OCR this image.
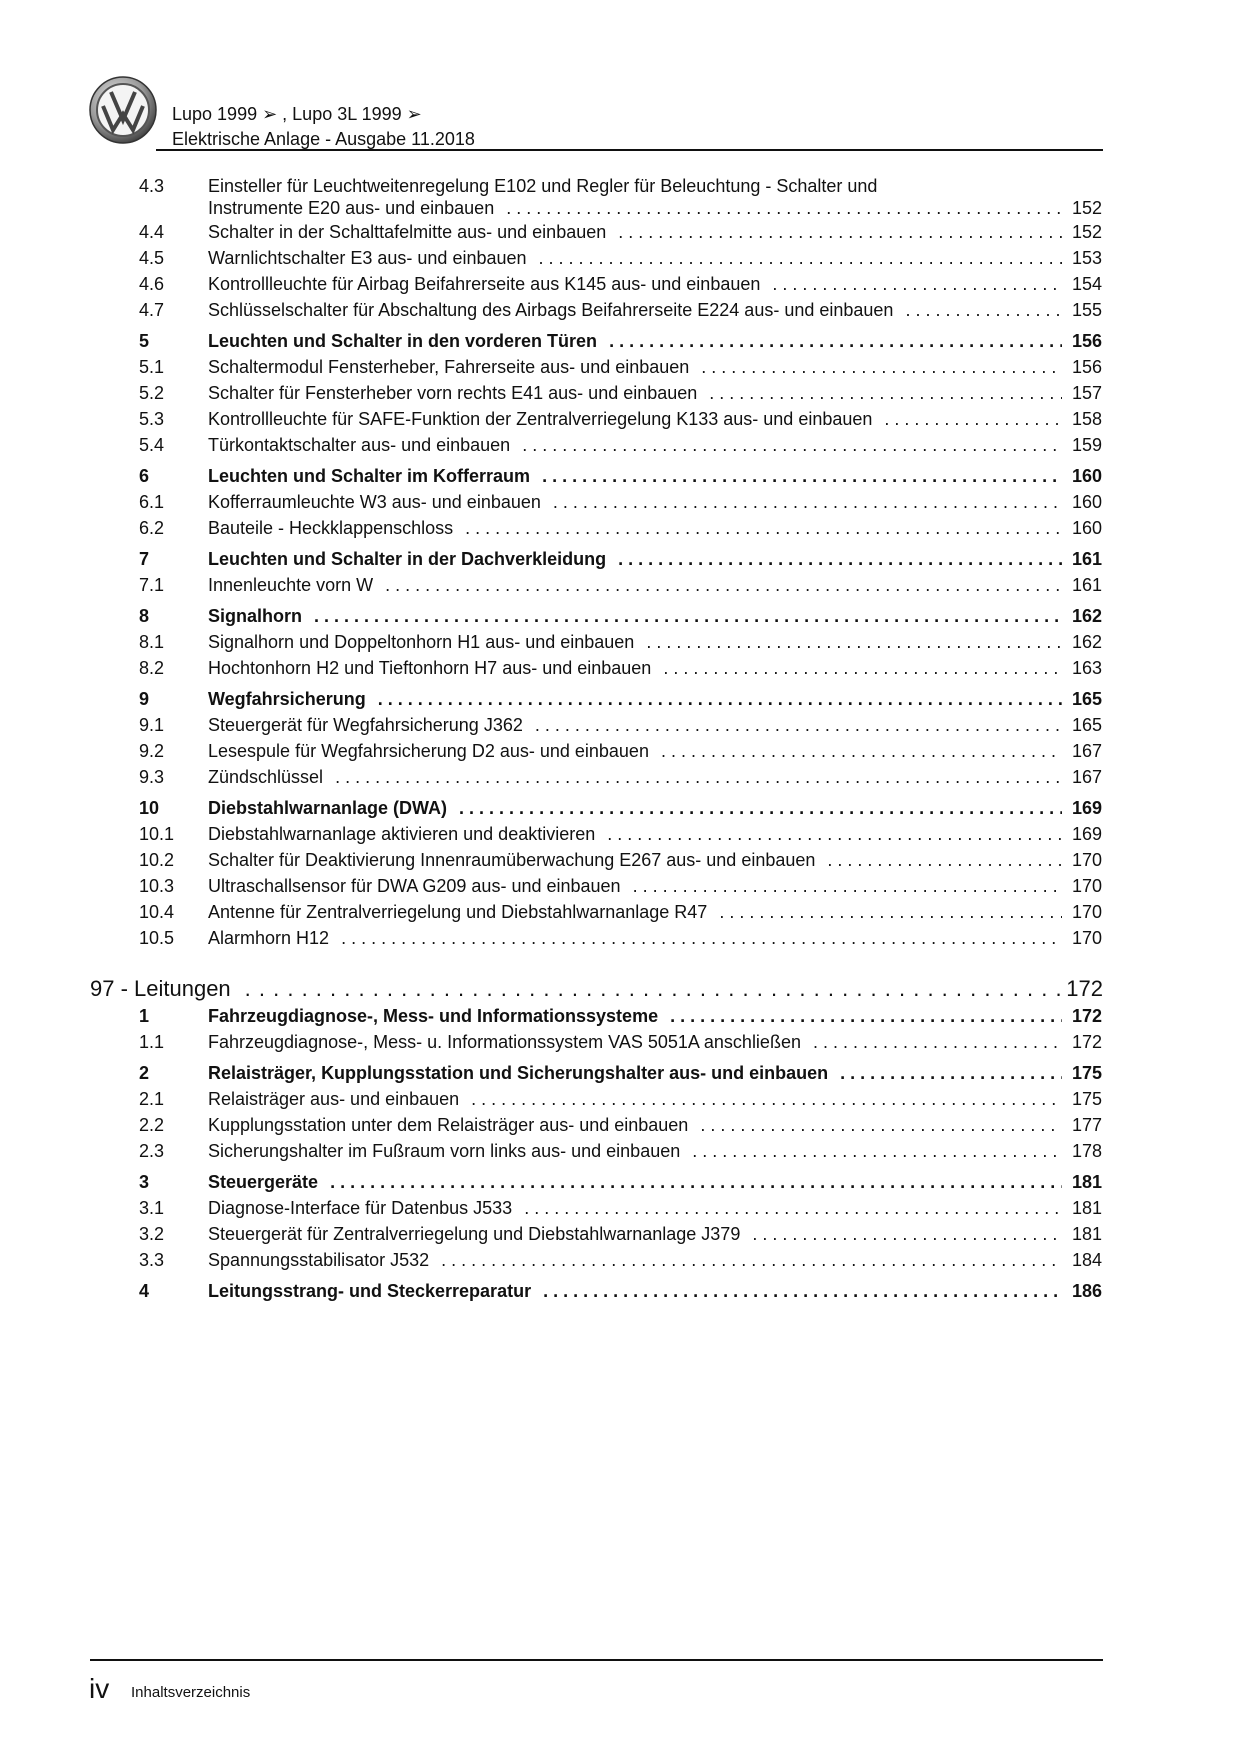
Lupo 1999 ➢ , Lupo 3L 1999 ➢
Elektrische Anlage - Ausgabe 11.2018
4.3 Einsteller für Leuchtweitenregelung E102 und Regler für Beleuchtung - Schalter und
Instrumente E20 aus- und einbauen . . .	152
4.4 Schalter in der Schalttafelmitte aus- und einbauen . . .	152
4.5 Warnlichtschalter E3 aus- und einbauen . . .	153
4.6 Kontrollleuchte für Airbag Beifahrerseite aus K145 aus- und einbauen . . .	154
4.7 Schlüsselschalter für Abschaltung des Airbags Beifahrerseite E224 aus- und einbauen . . .	155
5	Leuchten und Schalter in den vorderen Türen . . .	156
5.1 Schaltermodul Fensterheber, Fahrerseite aus- und einbauen . . .	156
5.2 Schalter für Fensterheber vorn rechts E41 aus- und einbauen . . .	157
5.3 Kontrollleuchte für SAFE-Funktion der Zentralverriegelung K133 aus- und einbauen . . .	158
5.4 Türkontaktschalter aus- und einbauen . . .	159
6	Leuchten und Schalter im Kofferraum . . .	160
6.1 Kofferraumleuchte W3 aus- und einbauen . . .	160
6.2 Bauteile - Heckklappenschloss . . .	160
7	Leuchten und Schalter in der Dachverkleidung . . .	161
7.1 Innenleuchte vorn W . . .	161
8	Signalhorn . . .	162
8.1 Signalhorn und Doppeltonhorn H1 aus- und einbauen . . .	162
8.2 Hochtonhorn H2 und Tieftonhorn H7 aus- und einbauen . . .	163
9	Wegfahrsicherung . . .	165
9.1 Steuergerät für Wegfahrsicherung J362 . . .	165
9.2 Lesespule für Wegfahrsicherung D2 aus- und einbauen . . .	167
9.3 Zündschlüssel . . .	167
10	Diebstahlwarnanlage (DWA) . . .	169
10.1 Diebstahlwarnanlage aktivieren und deaktivieren . . .	169
10.2 Schalter für Deaktivierung Innenraumüberwachung E267 aus- und einbauen . . .	170
10.3 Ultraschallsensor für DWA G209 aus- und einbauen . . .	170
10.4 Antenne für Zentralverriegelung und Diebstahlwarnanlage R47 . . .	170
10.5 Alarmhorn H12 . . .	170
97 - Leitungen . . .	172
1	Fahrzeugdiagnose-, Mess- und Informationssysteme . . .	172
1.1 Fahrzeugdiagnose-, Mess- u. Informationssystem VAS 5051A anschließen . . .	172
2	Relaisträger, Kupplungsstation und Sicherungshalter aus- und einbauen . . .	175
2.1 Relaisträger aus- und einbauen . . .	175
2.2 Kupplungsstation unter dem Relaisträger aus- und einbauen . . .	177
2.3 Sicherungshalter im Fußraum vorn links aus- und einbauen . . .	178
3	Steuergeräte . . .	181
3.1 Diagnose-Interface für Datenbus J533 . . .	181
3.2 Steuergerät für Zentralverriegelung und Diebstahlwarnanlage J379 . . .	181
3.3 Spannungsstabilisator J532 . . .	184
4	Leitungsstrang- und Steckerreparatur . . .	186
iv Inhaltsverzeichnis
